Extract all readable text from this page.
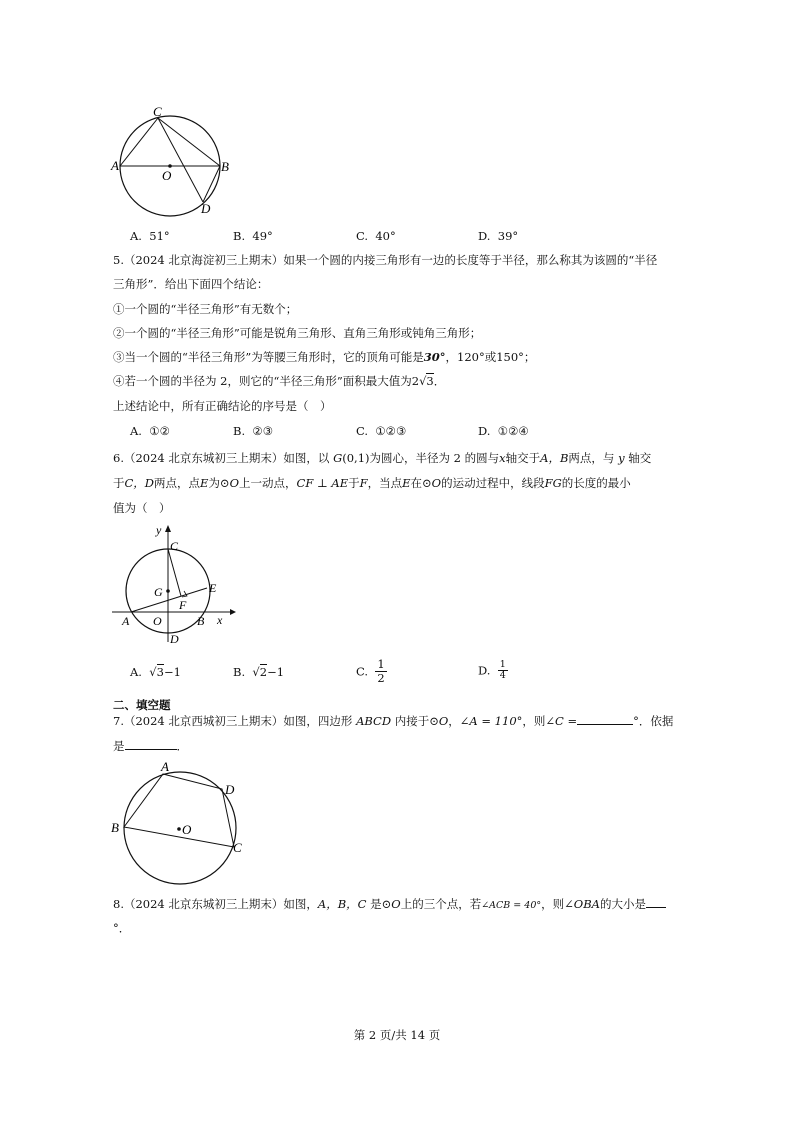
C
A
O
B
D
A. 51°	B. 49°	C. 40°	D. 39°
5.（2024 北京海淀初三上期末）如果一个圆的内接三角形有一边的长度等于半径，那么称其为该圆的“半径
三角形”．给出下面四个结论：
①一个圆的“半径三角形”有无数个；
②一个圆的“半径三角形”可能是锐角三角形、直角三角形或钝角三角形；
③当一个圆的“半径三角形”为等腰三角形时，它的顶角可能是30°，120°或150°；
④若一个圆的半径为 2，则它的“半径三角形”面积最大值为2√3．
上述结论中，所有正确结论的序号是（　）
A. ①②	B. ②③	C. ①②③	D. ①②④
6.（2024 北京东城初三上期末）如图，以 G(0,1)为圆心，半径为 2 的圆与x轴交于A，B两点，与 y 轴交
于C，D两点，点E为⊙O上一动点，CF ⊥ AE于F，当点E在⊙O的运动过程中，线段FG的长度的最小
值为（　）
y
C
G
F
E
A O	B x
D
A. √3−1	B. √2−1	C. $\frac{1}{2}$	D. $\frac{1}{4}$
二、填空题
7.（2024 北京西城初三上期末）如图，四边形 ABCD 内接于⊙O，∠A = 110°，则∠C =	°．依据
是	．
A
D
B	O
C
8.（2024 北京东城初三上期末）如图，A，B，C 是⊙O上的三个点，若∠ACB = 40°，则∠OBA的大小是
°．
第 2 页/共 14 页
